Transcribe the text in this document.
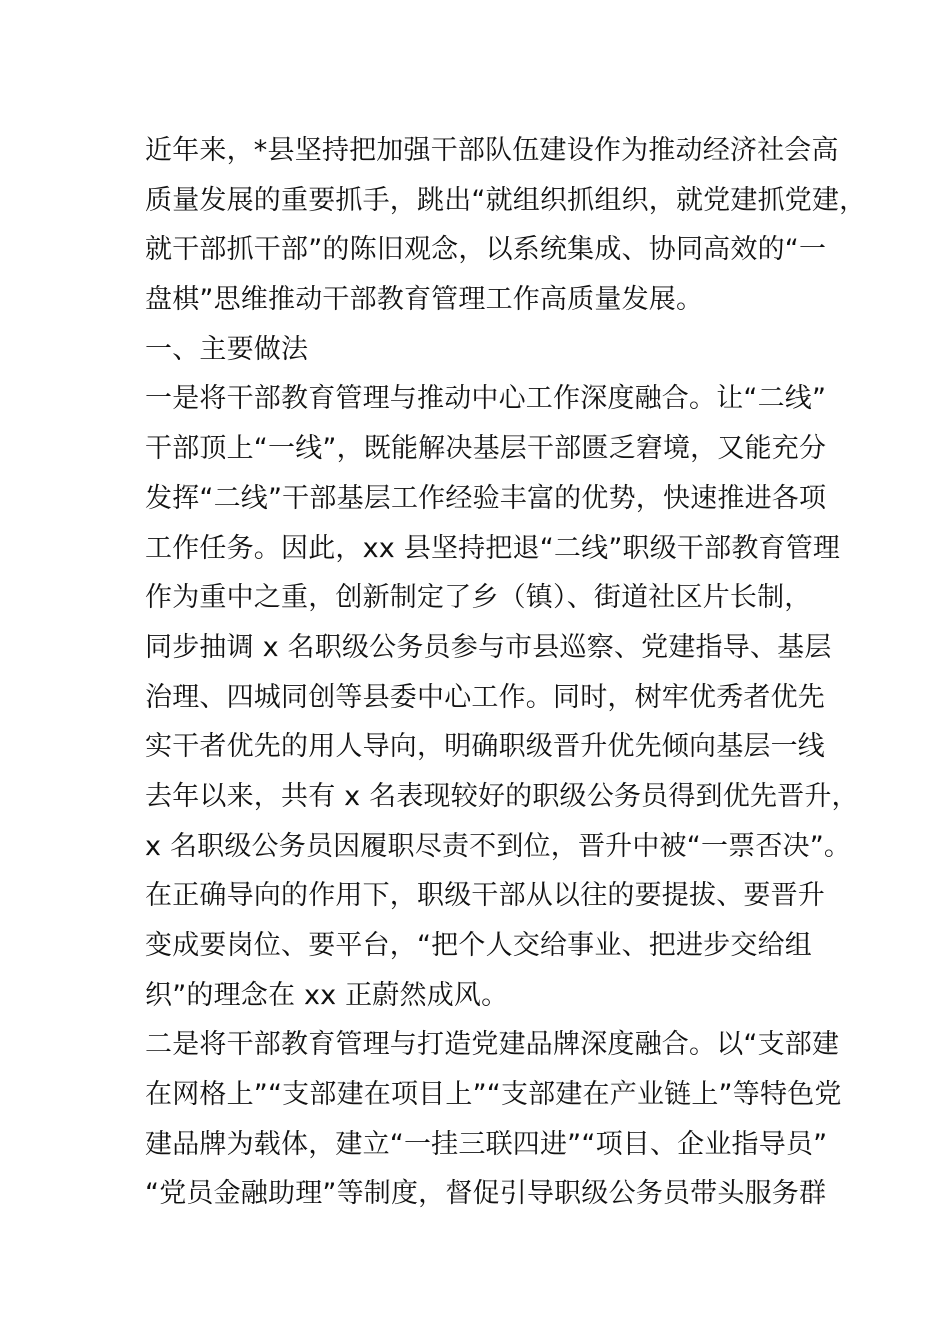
近年来，*县坚持把加强干部队伍建设作为推动经济社会高
质量发展的重要抓手，跳出“就组织抓组织，就党建抓党建，
就干部抓干部”的陈旧观念，以系统集成、协同高效的“一
盘棋”思维推动干部教育管理工作高质量发展。
一、主要做法
一是将干部教育管理与推动中心工作深度融合。让“二线”
干部顶上“一线”，既能解决基层干部匮乏窘境，又能充分
发挥“二线”干部基层工作经验丰富的优势，快速推进各项
工作任务。因此，xx 县坚持把退“二线”职级干部教育管理
作为重中之重，创新制定了乡（镇）、街道社区片长制，
同步抽调 x 名职级公务员参与市县巡察、党建指导、基层
治理、四城同创等县委中心工作。同时，树牢优秀者优先
实干者优先的用人导向，明确职级晋升优先倾向基层一线
去年以来，共有 x 名表现较好的职级公务员得到优先晋升，
x 名职级公务员因履职尽责不到位，晋升中被“一票否决”。
在正确导向的作用下，职级干部从以往的要提拔、要晋升
变成要岗位、要平台，“把个人交给事业、把进步交给组
织”的理念在 xx 正蔚然成风。
二是将干部教育管理与打造党建品牌深度融合。以“支部建
在网格上”“支部建在项目上”“支部建在产业链上”等特色党
建品牌为载体，建立“一挂三联四进”“项目、企业指导员”
“党员金融助理”等制度，督促引导职级公务员带头服务群
